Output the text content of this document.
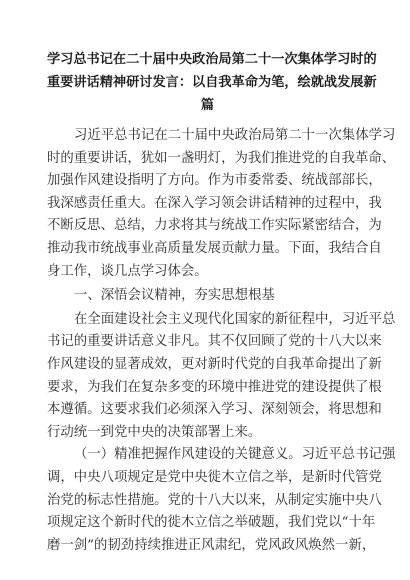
学习总书记在二十届中央政治局第二十一次集体学习时的
重要讲话精神研讨发言：以自我革命为笔，绘就战发展新
篇
习近平总书记在二十届中央政治局第二十一次集体学习
时的重要讲话，犹如一盏明灯，为我们推进党的自我革命、
加强作风建设指明了方向。作为市委常委、统战部部长，
我深感责任重大。在深入学习领会讲话精神的过程中，我
不断反思、总结，力求将其与统战工作实际紧密结合，为
推动我市统战事业高质量发展贡献力量。下面，我结合自
身工作，谈几点学习体会。
一、深悟会议精神，夯实思想根基
在全面建设社会主义现代化国家的新征程中，习近平总
书记的重要讲话意义非凡。其不仅回顾了党的十八大以来
作风建设的显著成效，更对新时代党的自我革命提出了新
要求，为我们在复杂多变的环境中推进党的建设提供了根
本遵循。这要求我们必须深入学习、深刻领会，将思想和
行动统一到党中央的决策部署上来。
（一）精准把握作风建设的关键意义。习近平总书记强
调，中央八项规定是党中央徙木立信之举，是新时代管党
治党的标志性措施。党的十八大以来，从制定实施中央八
项规定这个新时代的徙木立信之举破题，我们党以“十年
磨一剑”的韧劲持续推进正风肃纪，党风政风焕然一新，
